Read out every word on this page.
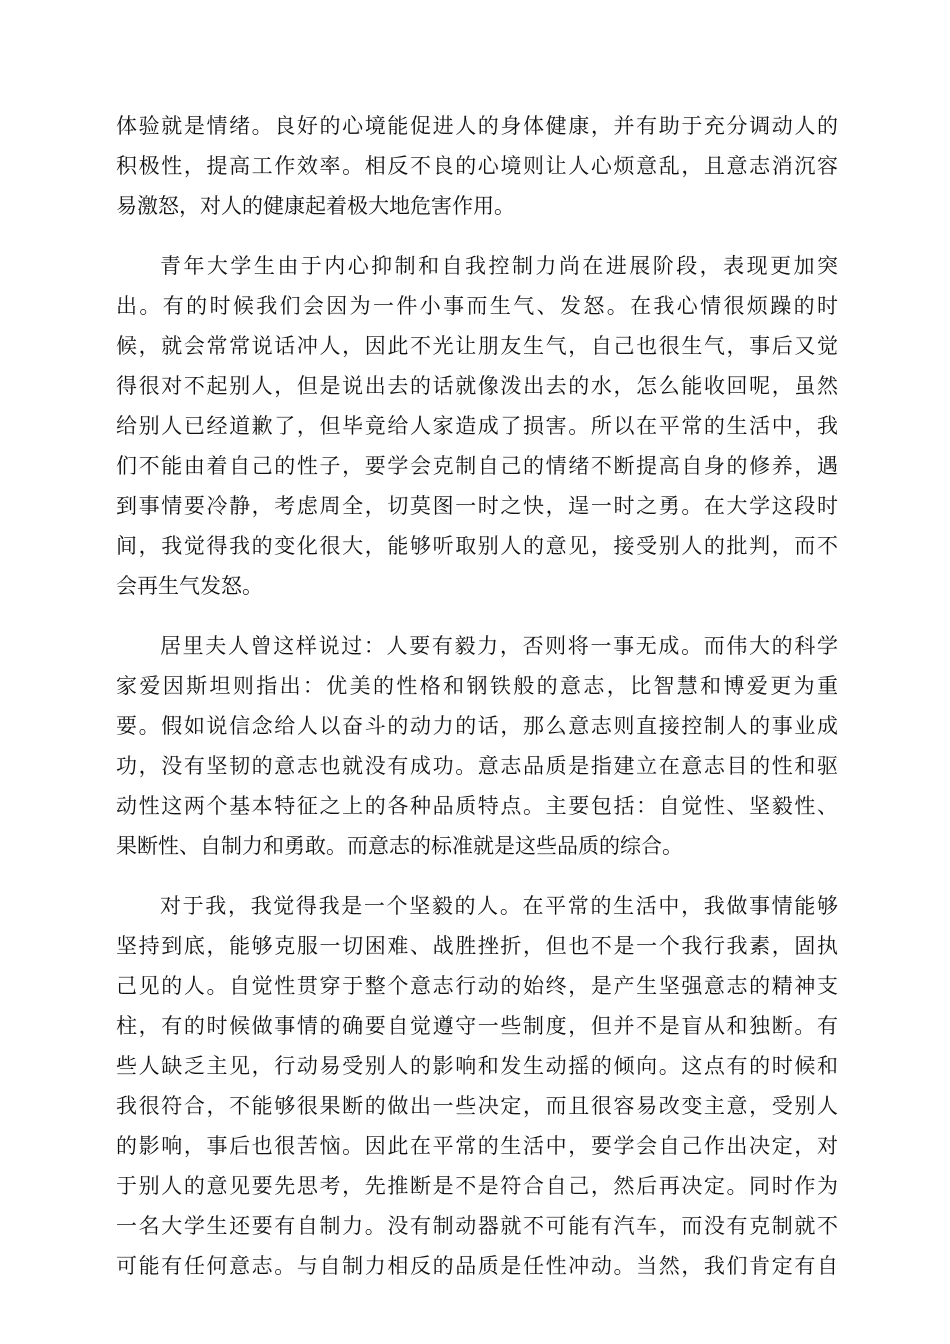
体验就是情绪。良好的心境能促进人的身体健康，并有助于充分调动人的
积极性，提高工作效率。相反不良的心境则让人心烦意乱，且意志消沉容
易激怒，对人的健康起着极大地危害作用。
青年大学生由于内心抑制和自我控制力尚在进展阶段，表现更加突
出。有的时候我们会因为一件小事而生气、发怒。在我心情很烦躁的时
候，就会常常说话冲人，因此不光让朋友生气，自己也很生气，事后又觉
得很对不起别人，但是说出去的话就像泼出去的水，怎么能收回呢，虽然
给别人已经道歉了，但毕竟给人家造成了损害。所以在平常的生活中，我
们不能由着自己的性子，要学会克制自己的情绪不断提高自身的修养，遇
到事情要冷静，考虑周全，切莫图一时之快，逞一时之勇。在大学这段时
间，我觉得我的变化很大，能够听取别人的意见，接受别人的批判，而不
会再生气发怒。
居里夫人曾这样说过：人要有毅力，否则将一事无成。而伟大的科学
家爱因斯坦则指出：优美的性格和钢铁般的意志，比智慧和博爱更为重
要。假如说信念给人以奋斗的动力的话，那么意志则直接控制人的事业成
功，没有坚韧的意志也就没有成功。意志品质是指建立在意志目的性和驱
动性这两个基本特征之上的各种品质特点。主要包括：自觉性、坚毅性、
果断性、自制力和勇敢。而意志的标准就是这些品质的综合。
对于我，我觉得我是一个坚毅的人。在平常的生活中，我做事情能够
坚持到底，能够克服一切困难、战胜挫折，但也不是一个我行我素，固执
己见的人。自觉性贯穿于整个意志行动的始终，是产生坚强意志的精神支
柱，有的时候做事情的确要自觉遵守一些制度，但并不是盲从和独断。有
些人缺乏主见，行动易受别人的影响和发生动摇的倾向。这点有的时候和
我很符合，不能够很果断的做出一些决定，而且很容易改变主意，受别人
的影响，事后也很苦恼。因此在平常的生活中，要学会自己作出决定，对
于别人的意见要先思考，先推断是不是符合自己，然后再决定。同时作为
一名大学生还要有自制力。没有制动器就不可能有汽车，而没有克制就不
可能有任何意志。与自制力相反的品质是任性冲动。当然，我们肯定有自
